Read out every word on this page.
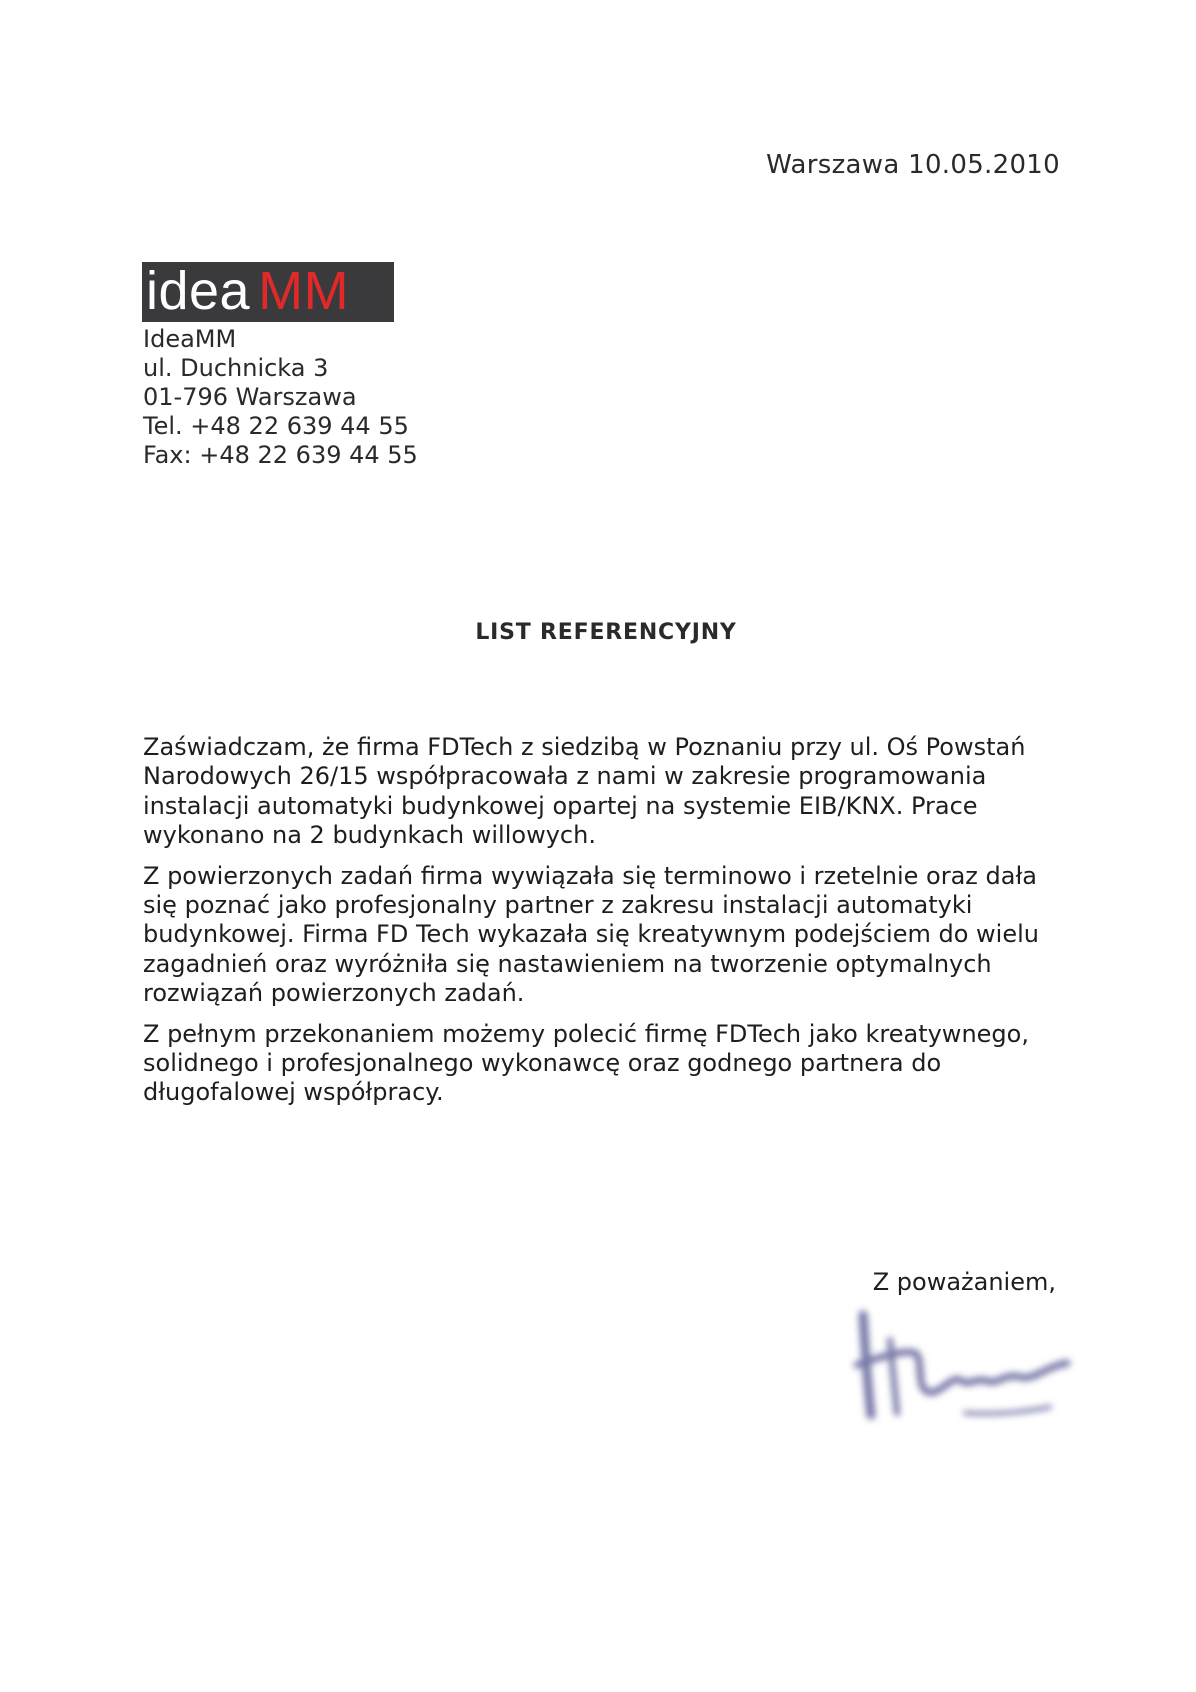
Warszawa 10.05.2010
idea MM
IdeaMM
ul. Duchnicka 3
01-796 Warszawa
Tel. +48 22 639 44 55
Fax: +48 22 639 44 55
LIST REFERENCYJNY

Zaświadczam, że firma FDTech z siedzibą w Poznaniu przy ul. Oś Powstań Narodowych 26/15 współpracowała z nami w zakresie programowania instalacji automatyki budynkowej opartej na systemie EIB/KNX. Prace wykonano na 2 budynkach willowych.

Z powierzonych zadań firma wywiązała się terminowo i rzetelnie oraz dała się poznać jako profesjonalny partner z zakresu instalacji automatyki budynkowej. Firma FD Tech wykazała się kreatywnym podejściem do wielu zagadnień oraz wyróżniła się nastawieniem na tworzenie optymalnych rozwiązań powierzonych zadań.

Z pełnym przekonaniem możemy polecić firmę FDTech jako kreatywnego, solidnego i profesjonalnego wykonawcę oraz godnego partnera do długofalowej współpracy.

Z poważaniem,
